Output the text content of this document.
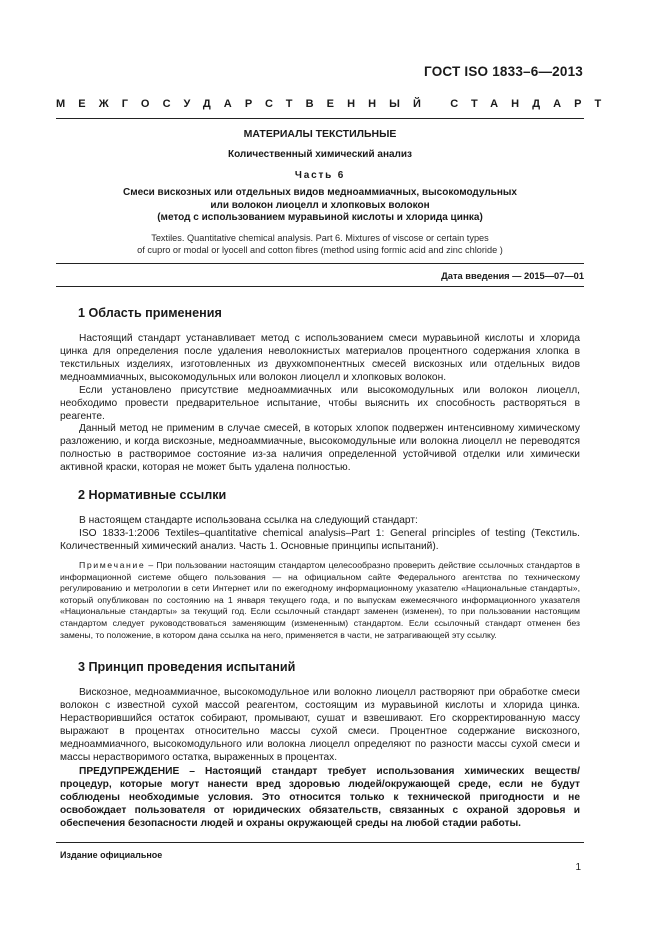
ГОСТ ISO 1833–6—2013
МЕЖГОСУДАРСТВЕННЫЙ СТАНДАРТ
МАТЕРИАЛЫ ТЕКСТИЛЬНЫЕ
Количественный химический анализ
Часть 6
Смеси вискозных или отдельных видов медноаммиачных, высокомодульных
или волокон лиоцелл и хлопковых волокон
(метод с использованием муравьиной кислоты и хлорида цинка)
Textiles. Quantitative chemical analysis. Part 6. Mixtures of viscose or certain types
of cupro or modal or lyocell and cotton fibres (method using formic acid and zinc chloride )
Дата введения — 2015—07—01
1 Область применения

Настоящий стандарт устанавливает метод с использованием смеси муравьиной кислоты и хлорида цинка для определения после удаления неволокнистых материалов процентного содержания хлопка в текстильных изделиях, изготовленных из двухкомпонентных смесей вискозных или отдельных видов медноаммиачных, высокомодульных или волокон лиоцелл и хлопковых волокон.

Если установлено присутствие медноаммиачных или высокомодульных или волокон лиоцелл, необходимо провести предварительное испытание, чтобы выяснить их способность растворяться в реагенте.

Данный метод не применим в случае смесей, в которых хлопок подвержен интенсивному химическому разложению, и когда вискозные, медноаммиачные, высокомодульные или волокна лиоцелл не переводятся полностью в растворимое состояние из-за наличия определенной устойчивой отделки или химически активной краски, которая не может быть удалена полностью.

2 Нормативные ссылки

В настоящем стандарте использована ссылка на следующий стандарт:

ISO 1833-1:2006 Textiles–quantitative chemical analysis–Part 1: General principles of testing (Текстиль. Количественный химический анализ. Часть 1. Основные принципы испытаний).

Примечание – При пользовании настоящим стандартом целесообразно проверить действие ссылочных стандартов в информационной системе общего пользования — на официальном сайте Федерального агентства по техническому регулированию и метрологии в сети Интернет или по ежегодному информационному указателю «Национальные стандарты», который опубликован по состоянию на 1 января текущего года, и по выпускам ежемесячного информационного указателя «Национальные стандарты» за текущий год. Если ссылочный стандарт заменен (изменен), то при пользовании настоящим стандартом следует руководствоваться заменяющим (измененным) стандартом. Если ссылочный стандарт отменен без замены, то положение, в котором дана ссылка на него, применяется в части, не затрагивающей эту ссылку.

3 Принцип проведения испытаний

Вискозное, медноаммиачное, высокомодульное или волокно лиоцелл растворяют при обработке смеси волокон с известной сухой массой реагентом, состоящим из муравьиной кислоты и хлорида цинка. Нерастворившийся остаток собирают, промывают, сушат и взвешивают. Его скорректированную массу выражают в процентах относительно массы сухой смеси. Процентное содержание вискозного, медноаммиачного, высокомодульного или волокна лиоцелл определяют по разности массы сухой смеси и массы нерастворимого остатка, выраженных в процентах.

ПРЕДУПРЕЖДЕНИЕ – Настоящий стандарт требует использования химических веществ/процедур, которые могут нанести вред здоровью людей/окружающей среде, если не будут соблюдены необходимые условия. Это относится только к технической пригодности и не освобождает пользователя от юридических обязательств, связанных с охраной здоровья и обеспечения безопасности людей и охраны окружающей среды на любой стадии работы.

Издание официальное
1
